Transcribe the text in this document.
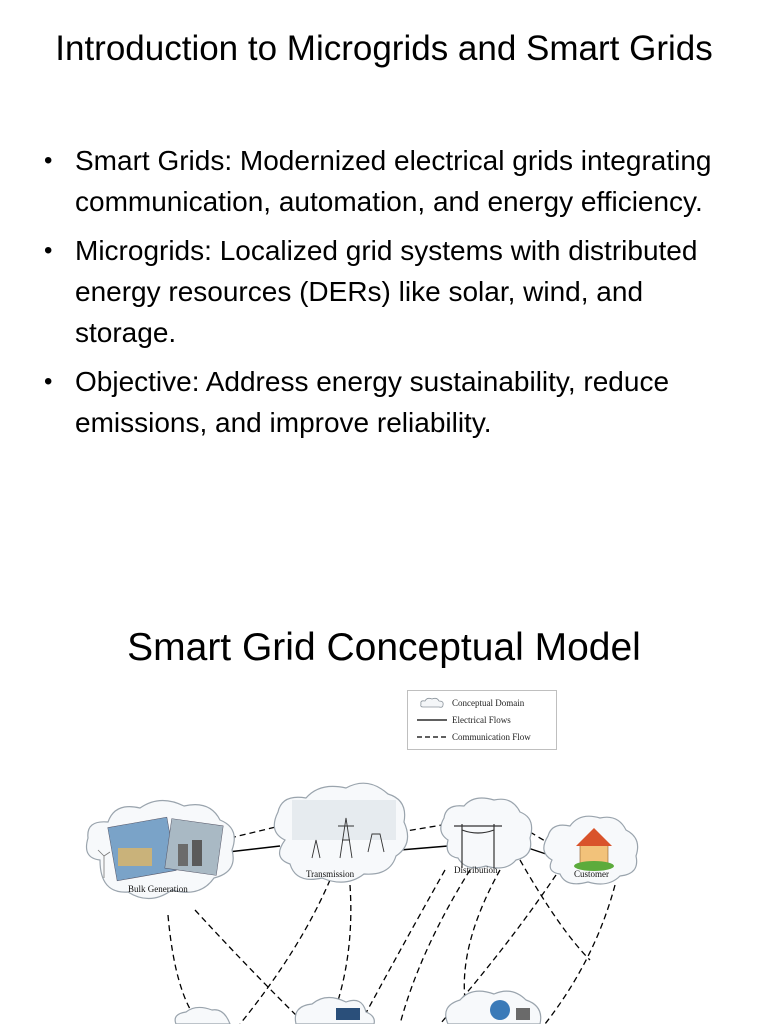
Introduction to Microgrids and Smart Grids
• Smart Grids: Modernized electrical grids integrating communication, automation, and energy efficiency.
• Microgrids: Localized grid systems with distributed energy resources (DERs) like solar, wind, and storage.
• Objective: Address energy sustainability, reduce emissions, and improve reliability.
Smart Grid Conceptual Model
Conceptual Domain
Electrical Flows
Communication Flow
Bulk Generation
Transmission	Distribution	Customer
